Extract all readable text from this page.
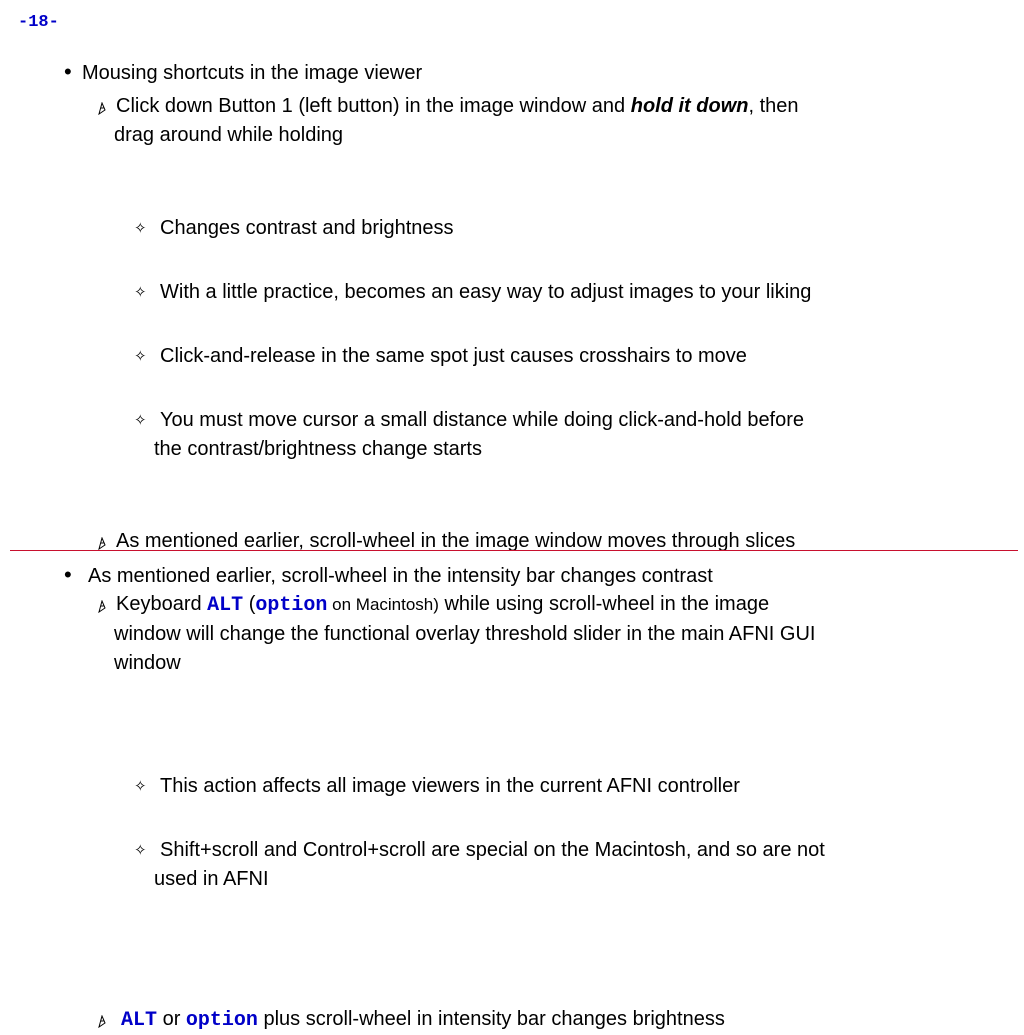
-18-

• Mousing shortcuts in the image viewer

Click down Button 1 (left button) in the image window and hold it down, then
drag around while holding
✧ Changes contrast and brightness
✧ With a little practice, becomes an easy way to adjust images to your liking
✧ Click-and-release in the same spot just causes crosshairs to move
✧ You must move cursor a small distance while doing click-and-hold before
the contrast/brightness change starts
As mentioned earlier, scroll-wheel in the image window moves through slices
Keyboard ALT (option on Macintosh) while using scroll-wheel in the image
window will change the functional overlay threshold slider in the main AFNI GUI
window
✧ This action affects all image viewers in the current AFNI controller
✧ Shift+scroll and Control+scroll are special on the Macintosh, and so are not
used in AFNI

• As mentioned earlier, scroll-wheel in the intensity bar changes contrast

ALT or option plus scroll-wheel in intensity bar changes brightness
